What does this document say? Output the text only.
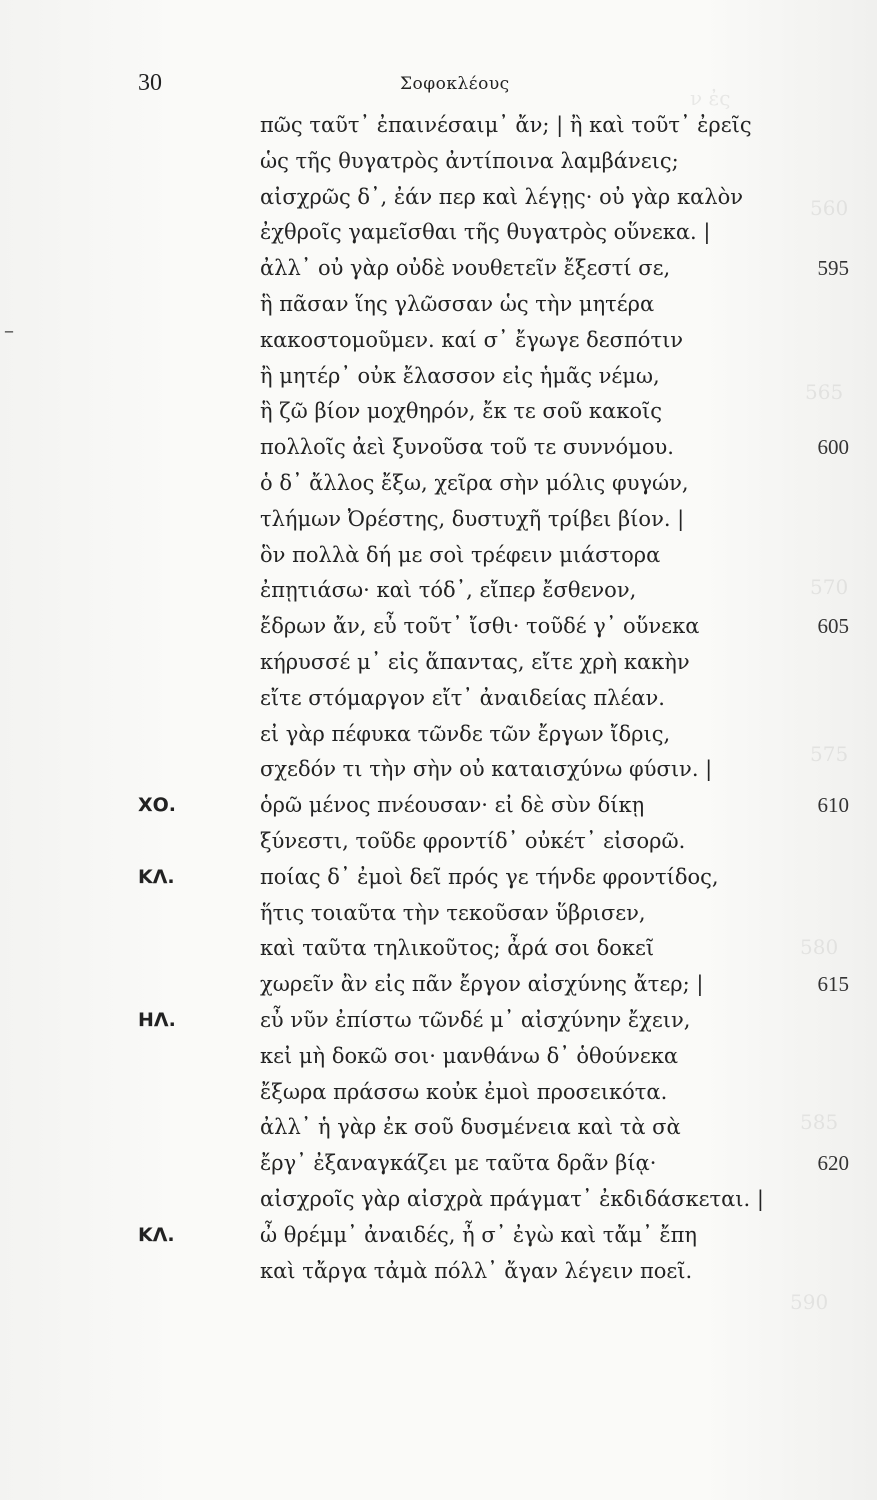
ν ἐς
560
565
570
575
580
585
590
–
30	Σοφοκλέους
πῶς ταῦτ᾽ ἐπαινέσαιμ᾽ ἄν; | ἢ καὶ τοῦτ᾽ ἐρεῖς
ὡς τῆς θυγατρὸς ἀντίποινα λαμβάνεις;
αἰσχρῶς δ᾽, ἐάν περ καὶ λέγῃς· οὐ γὰρ καλὸν
ἐχθροῖς γαμεῖσθαι τῆς θυγατρὸς οὕνεκα. |
ἀλλ᾽ οὐ γὰρ οὐδὲ νουθετεῖν ἔξεστί σε,	595
ἣ πᾶσαν ἵης γλῶσσαν ὡς τὴν μητέρα
κακοστομοῦμεν. καί σ᾽ ἔγωγε δεσπότιν
ἢ μητέρ᾽ οὐκ ἔλασσον εἰς ἡμᾶς νέμω,
ἣ ζῶ βίον μοχθηρόν, ἔκ τε σοῦ κακοῖς
πολλοῖς ἀεὶ ξυνοῦσα τοῦ τε συννόμου.	600
ὁ δ᾽ ἄλλος ἔξω, χεῖρα σὴν μόλις φυγών,
τλήμων Ὀρέστης, δυστυχῆ τρίβει βίον. |
ὃν πολλὰ δή με σοὶ τρέφειν μιάστορα
ἐπῃτιάσω· καὶ τόδ᾽, εἴπερ ἔσθενον,
ἔδρων ἄν, εὖ τοῦτ᾽ ἴσθι· τοῦδέ γ᾽ οὕνεκα	605
κήρυσσέ μ᾽ εἰς ἅπαντας, εἴτε χρὴ κακὴν
εἴτε στόμαργον εἴτ᾽ ἀναιδείας πλέαν.
εἰ γὰρ πέφυκα τῶνδε τῶν ἔργων ἴδρις,
σχεδόν τι τὴν σὴν οὐ καταισχύνω φύσιν. |
ΧΟ.	ὁρῶ μένος πνέουσαν· εἰ δὲ σὺν δίκῃ	610
ξύνεστι, τοῦδε φροντίδ᾽ οὐκέτ᾽ εἰσορῶ.
ΚΛ.	ποίας δ᾽ ἐμοὶ δεῖ πρός γε τήνδε φροντίδος,
ἥτις τοιαῦτα τὴν τεκοῦσαν ὕβρισεν,
καὶ ταῦτα τηλικοῦτος; ἆρά σοι δοκεῖ
χωρεῖν ἂν εἰς πᾶν ἔργον αἰσχύνης ἄτερ; |	615
ΗΛ.	εὖ νῦν ἐπίστω τῶνδέ μ᾽ αἰσχύνην ἔχειν,
κεἰ μὴ δοκῶ σοι· μανθάνω δ᾽ ὁθούνεκα
ἔξωρα πράσσω κοὐκ ἐμοὶ προσεικότα.
ἀλλ᾽ ἡ γὰρ ἐκ σοῦ δυσμένεια καὶ τὰ σὰ
ἔργ᾽ ἐξαναγκάζει με ταῦτα δρᾶν βίᾳ·	620
αἰσχροῖς γὰρ αἰσχρὰ πράγματ᾽ ἐκδιδάσκεται. |
ΚΛ.	ὦ θρέμμ᾽ ἀναιδές, ἦ σ᾽ ἐγὼ καὶ τἄμ᾽ ἔπη
καὶ τἄργα τἀμὰ πόλλ᾽ ἄγαν λέγειν ποεῖ.
